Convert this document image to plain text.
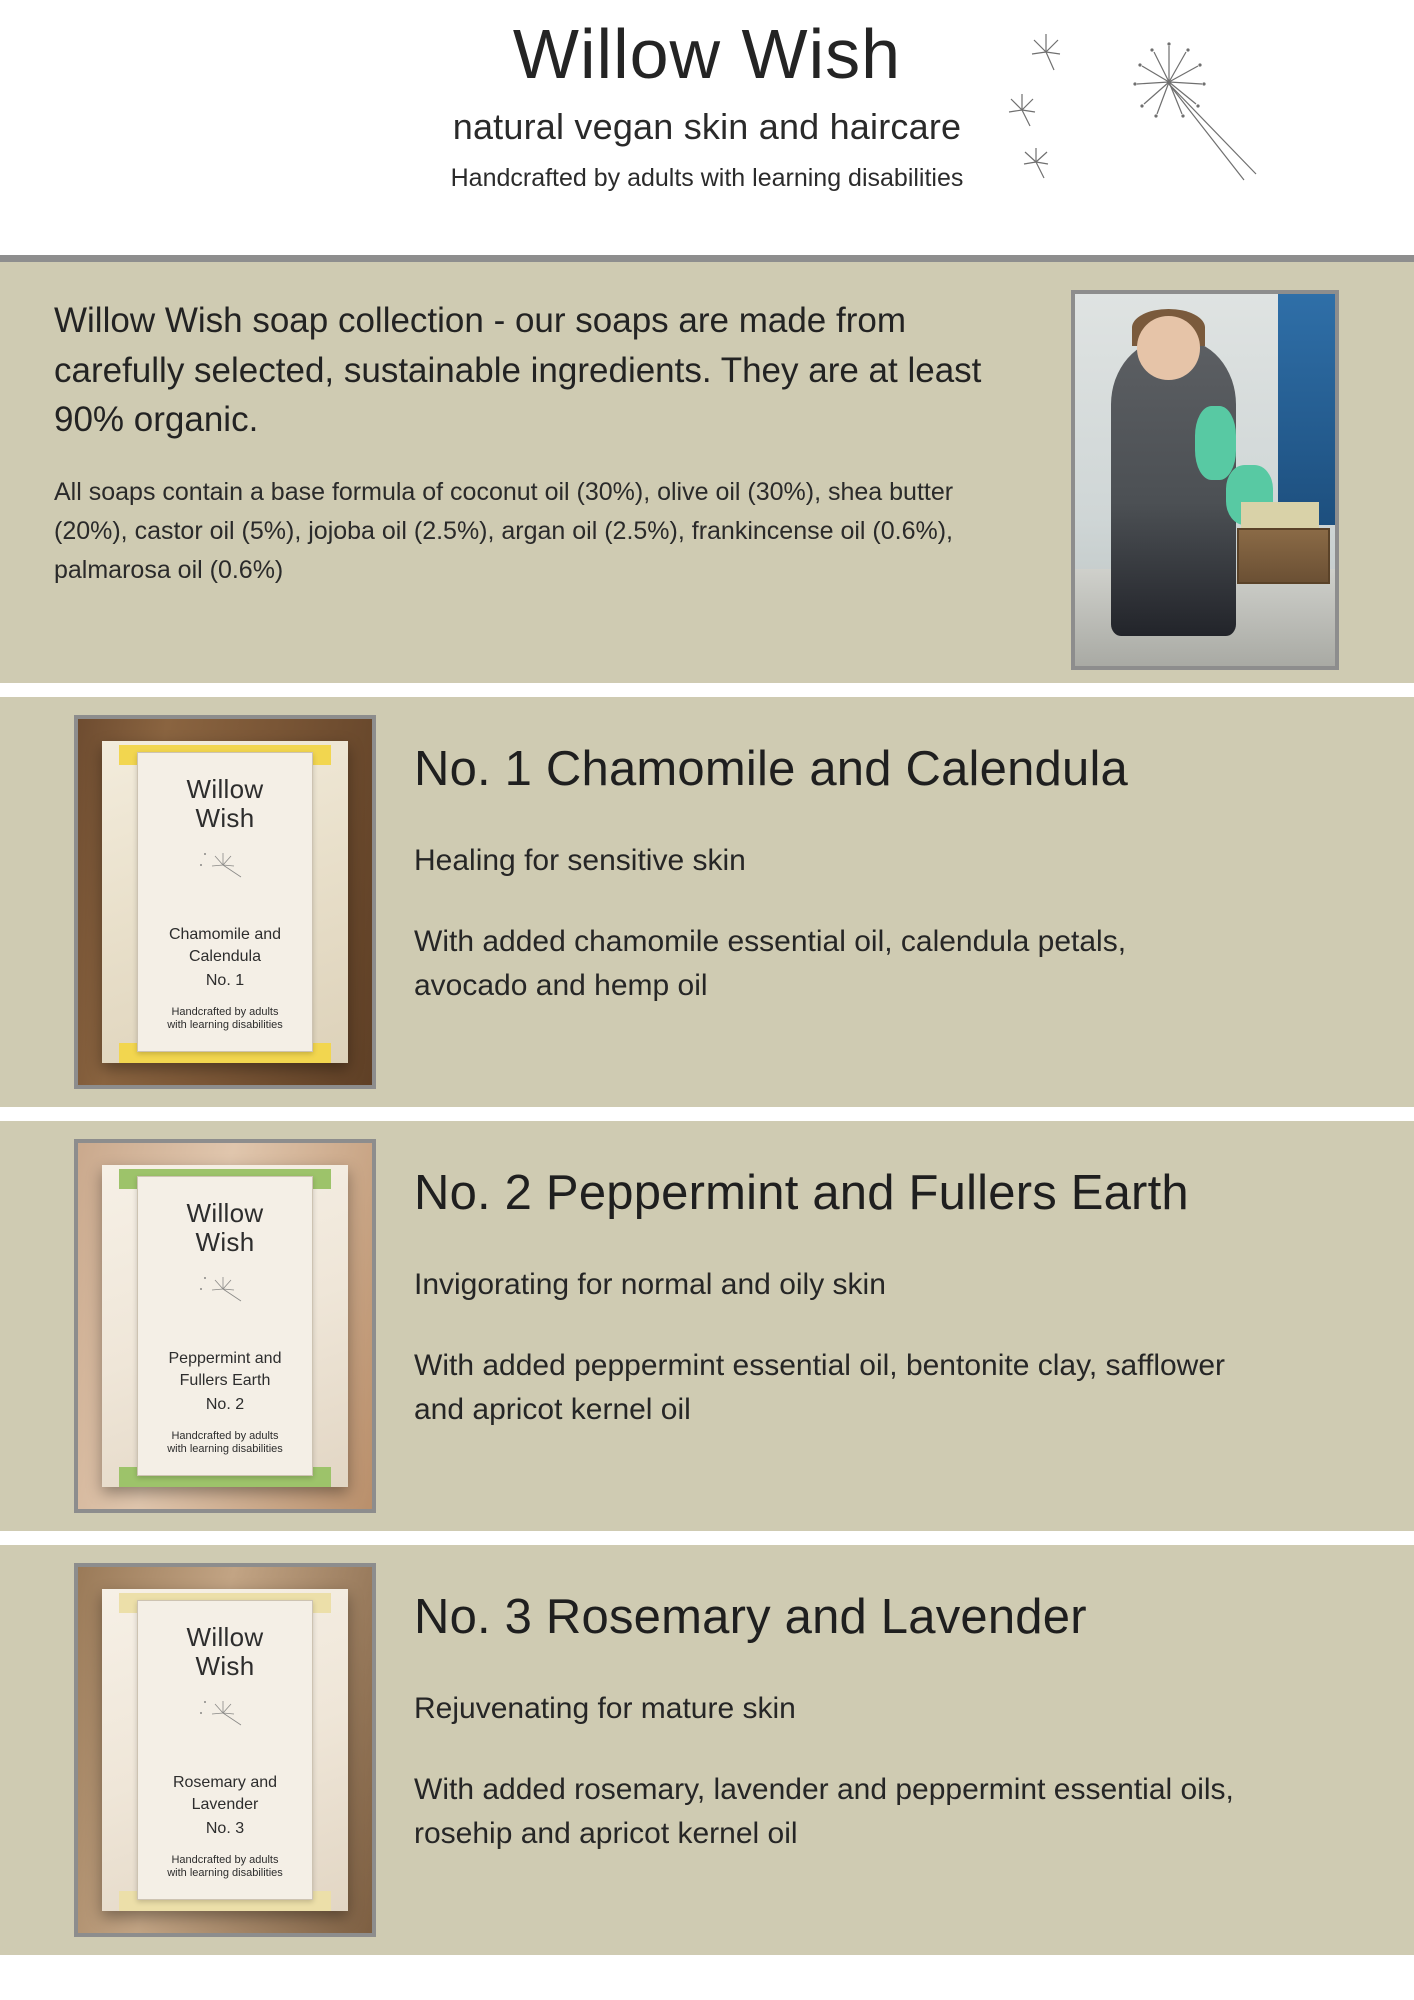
Willow Wish
natural vegan skin and haircare
Handcrafted by adults with learning disabilities
Willow Wish soap collection - our soaps are made from carefully selected, sustainable ingredients. They are at least 90% organic.
All soaps contain a base formula of coconut oil (30%), olive oil (30%), shea butter (20%), castor oil (5%), jojoba oil (2.5%), argan oil (2.5%), frankincense oil (0.6%), palmarosa oil (0.6%)
Willow
Wish
Chamomile and
Calendula
No. 1
Handcrafted by adults
with learning disabilities
No. 1 Chamomile and Calendula
Healing for sensitive skin
With added chamomile essential oil, calendula petals, avocado and hemp oil
Willow
Wish
Peppermint and
Fullers Earth
No. 2
Handcrafted by adults
with learning disabilities
No. 2 Peppermint and Fullers Earth
Invigorating for normal and oily skin
With added peppermint essential oil, bentonite clay, safflower and apricot kernel oil
Willow
Wish
Rosemary and
Lavender
No. 3
Handcrafted by adults
with learning disabilities
No. 3 Rosemary and Lavender
Rejuvenating for mature skin
With added rosemary, lavender and peppermint essential oils, rosehip and apricot kernel oil
